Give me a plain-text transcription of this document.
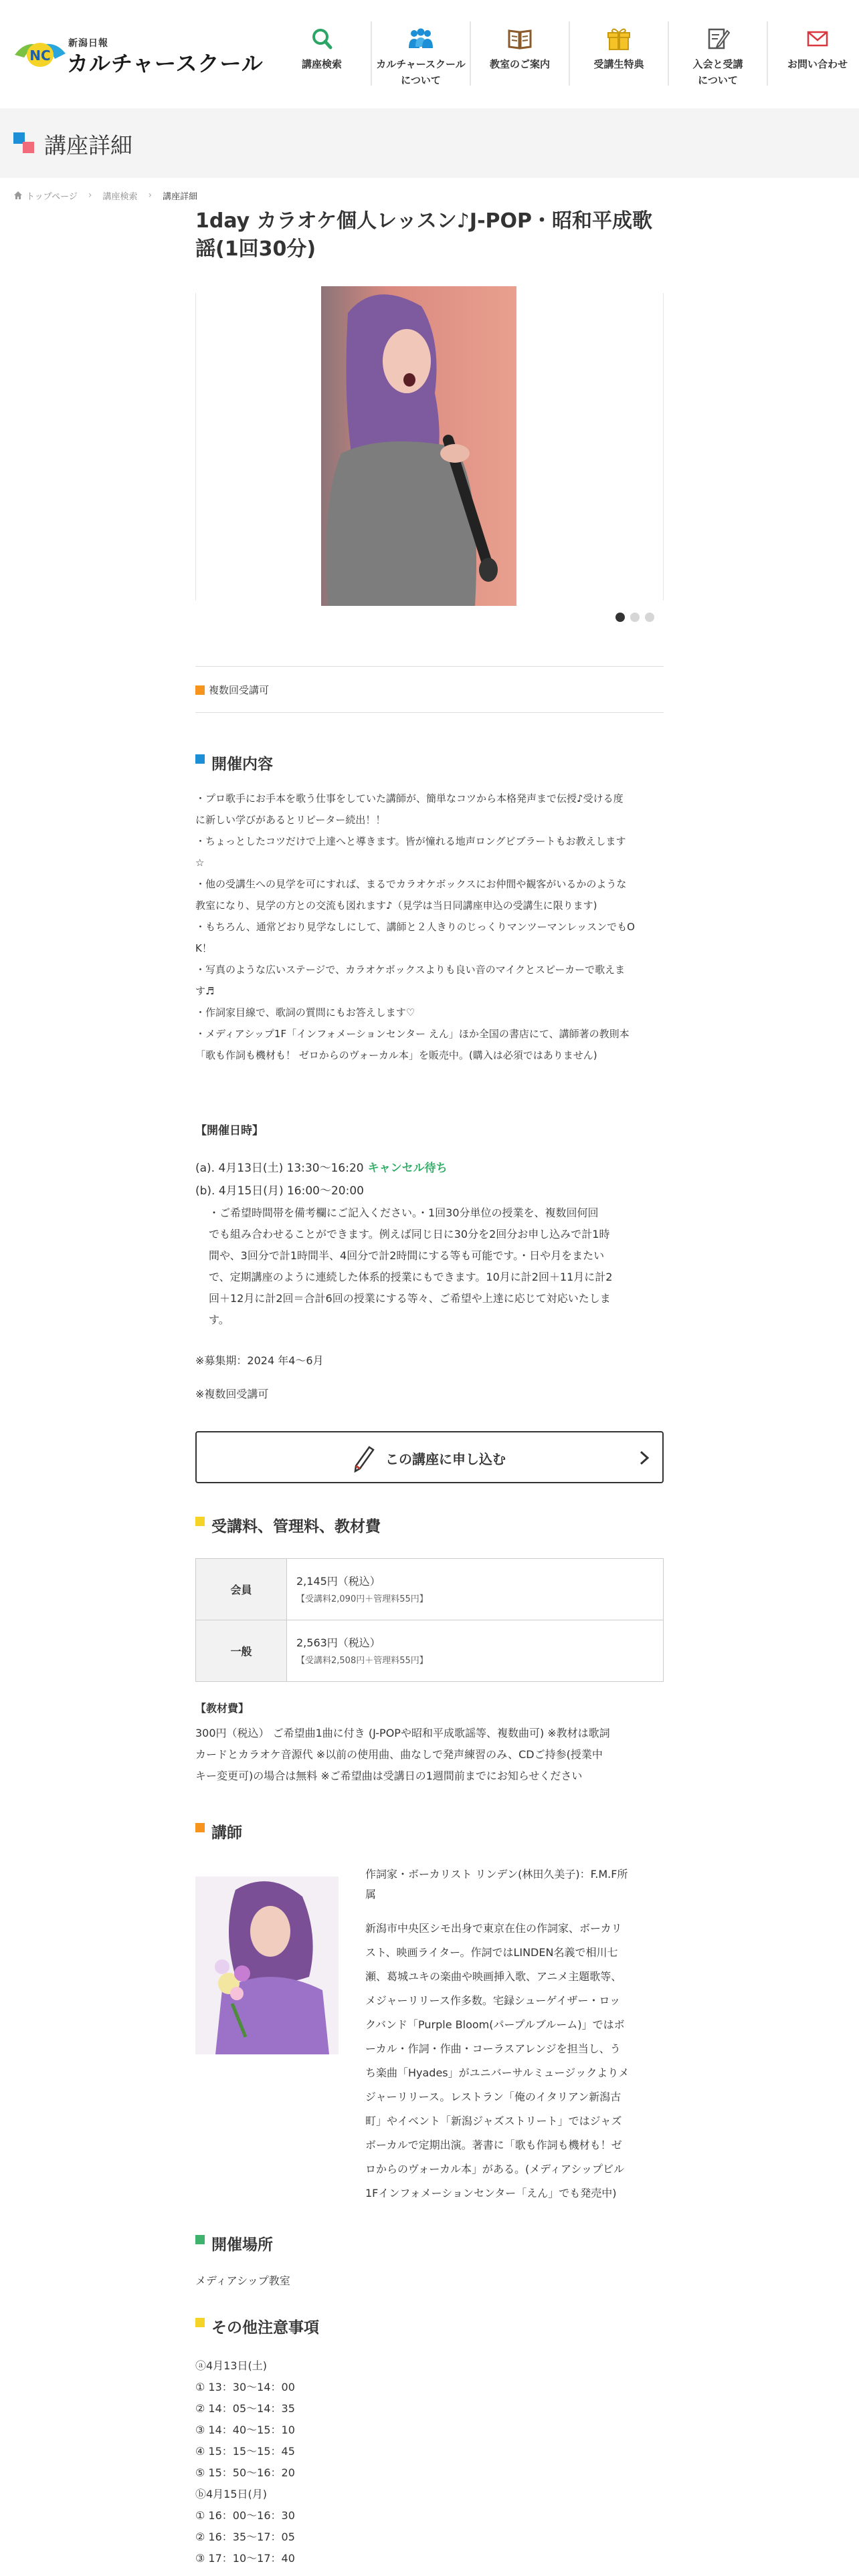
NC
新潟日報
カルチャースクール	講座検索	カルチャースクール
について
教室のご案内	受講生特典	入会と受講
について
お問い合わせ
講座詳細
トップページ › 講座検索 › 講座詳細
1day カラオケ個人レッスン♪J-POP・昭和平成歌謡(1回30分)
複数回受講可
開催内容

・プロ歌手にお手本を歌う仕事をしていた講師が、簡単なコツから本格発声まで伝授♪受ける度

に新しい学びがあるとリピーター続出！！

・ちょっとしたコツだけで上達へと導きます。皆が憧れる地声ロングビブラートもお教えします

☆

・他の受講生への見学を可にすれば、まるでカラオケボックスにお仲間や観客がいるかのような

教室になり、見学の方との交流も図れます♪（見学は当日同講座申込の受講生に限ります)

・もちろん、通常どおり見学なしにして、講師と２人きりのじっくりマンツーマンレッスンでもO

K！

・写真のような広いステージで、カラオケボックスよりも良い音のマイクとスピーカーで歌えま

す♬

・作詞家目線で、歌詞の質問にもお答えします♡

・メディアシップ1F「インフォメーションセンター えん」ほか全国の書店にて、講師著の教則本

「歌も作詞も機材も！ ゼロからのヴォーカル本」を販売中。(購入は必須ではありません)

【開催日時】
(a). 4月13日(土) 13:30〜16:20 キャンセル待ち
(b). 4月15日(月) 16:00〜20:00
・ご希望時間帯を備考欄にご記入ください。・1回30分単位の授業を、複数回何回
でも組み合わせることができます。例えば同じ日に30分を2回分お申し込みで計1時
間や、3回分で計1時間半、4回分で計2時間にする等も可能です。・日や月をまたい
で、定期講座のように連続した体系的授業にもできます。10月に計2回＋11月に計2
回＋12月に計2回＝合計6回の授業にする等々、ご希望や上達に応じて対応いたしま
す。
※募集期：2024 年4〜6月
※複数回受講可
この講座に申し込む
受講料、管理料、教材費
会員	2,145円（税込）
【受講料2,090円＋管理料55円】

一般	2,563円（税込）
【受講料2,508円＋管理料55円】
【教材費】
300円（税込） ご希望曲1曲に付き (J-POPや昭和平成歌謡等、複数曲可) ※教材は歌詞
カードとカラオケ音源代 ※以前の使用曲、曲なしで発声練習のみ、CDご持参(授業中
キー変更可)の場合は無料 ※ご希望曲は受講日の1週間前までにお知らせください
講師
作詞家・ボーカリスト リンデン(林田久美子)：F.M.F所
属
新潟市中央区シモ出身で東京在住の作詞家、ボーカリ
スト、映画ライター。作詞ではLINDEN名義で相川七
瀬、葛城ユキの楽曲や映画挿入歌、アニメ主題歌等、
メジャーリリース作多数。宅録シューゲイザー・ロッ
クバンド「Purple Bloom(パープルブルーム)」ではボ
ーカル・作詞・作曲・コーラスアレンジを担当し、う
ち楽曲「Hyades」がユニバーサルミュージックよりメ
ジャーリリース。レストラン「俺のイタリアン新潟古
町」やイベント「新潟ジャズストリート」ではジャズ
ボーカルで定期出演。著書に「歌も作詞も機材も！ゼ
ロからのヴォーカル本」がある。(メディアシップビル
1Fインフォメーションセンター「えん」でも発売中)
開催場所
メディアシップ教室
その他注意事項
ⓐ4月13日(土)
① 13：30〜14：00
② 14：05〜14：35
③ 14：40〜15：10
④ 15：15〜15：45
⑤ 15：50〜16：20
ⓑ4月15日(月)
① 16：00〜16：30
② 16：35〜17：05
③ 17：10〜17：40
